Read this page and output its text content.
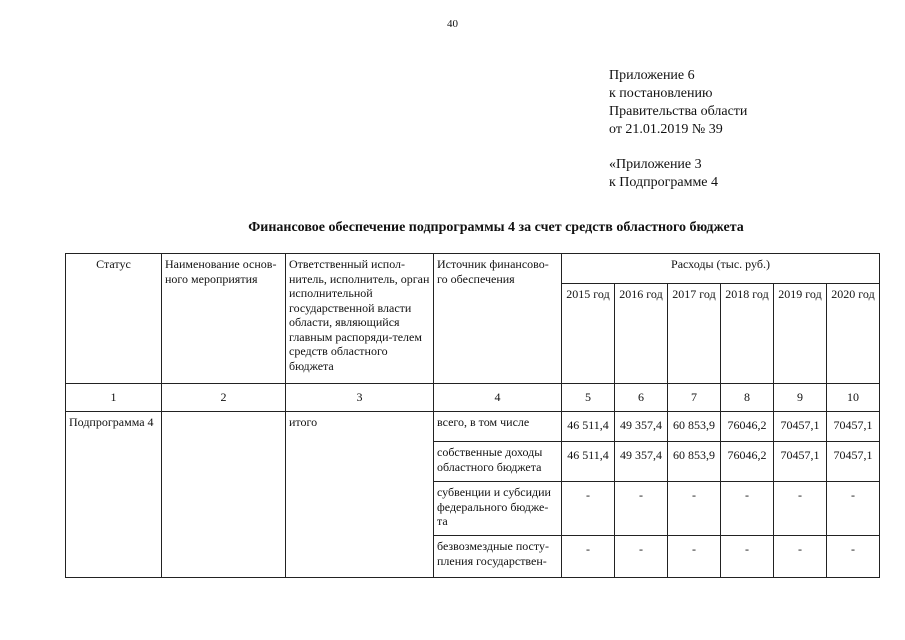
40
Приложение 6
к постановлению
Правительства области
от 21.01.2019 № 39
«Приложение 3
к Подпрограмме 4
Финансовое обеспечение подпрограммы 4 за счет средств областного бюджета
Статус	Наименование основ-ного мероприятия	Ответственный испол-нитель, исполнитель, орган исполнительной государственной власти области, являющийся главным распоряди-телем средств областного бюджета	Источник финансово-го обеспечения	Расходы (тыс. руб.)					
				2015 год	2016 год	2017 год	2018 год	2019 год	2020 год
1	2	3	4	5	6	7	8	9	10
Подпрограмма 4		итого	всего, в том числе	46 511,4	49 357,4	60 853,9	76046,2	70457,1	70457,1
			собственные доходы областного бюджета	46 511,4	49 357,4	60 853,9	76046,2	70457,1	70457,1
			субвенции и субсидии федерального бюдже-та	-	-	-	-	-	-
			безвозмездные посту-пления государствен-	-	-	-	-	-	-
